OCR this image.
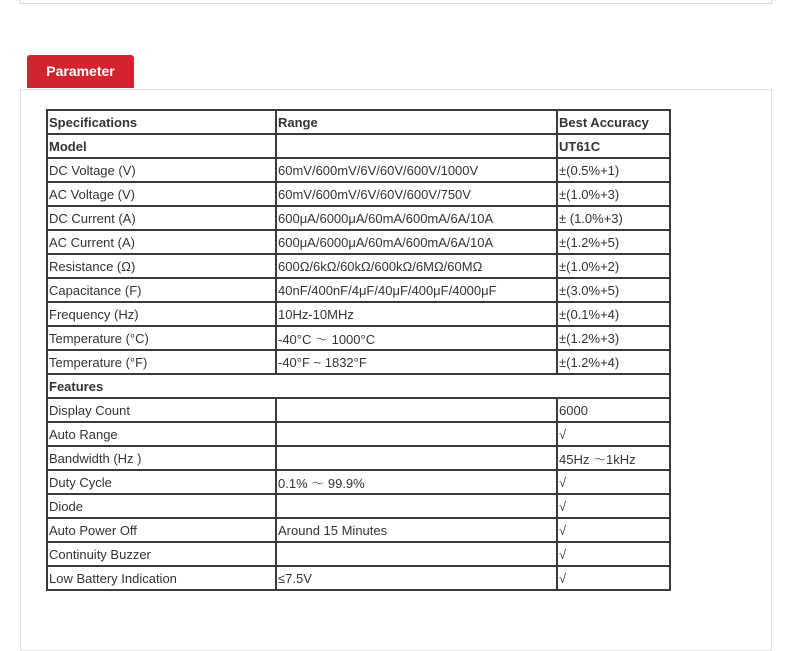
Parameter
Specifications	Range	Best Accuracy
Model		UT61C
DC Voltage (V)	60mV/600mV/6V/60V/600V/1000V	±(0.5%+1)
AC Voltage (V)	60mV/600mV/6V/60V/600V/750V	±(1.0%+3)
DC Current (A)	600μA/6000μA/60mA/600mA/6A/10A	± (1.0%+3)
AC Current (A)	600μA/6000μA/60mA/600mA/6A/10A	±(1.2%+5)
Resistance (Ω)	600Ω/6kΩ/60kΩ/600kΩ/6MΩ/60MΩ	±(1.0%+2)
Capacitance (F)	40nF/400nF/4μF/40μF/400μF/4000μF	±(3.0%+5)
Frequency (Hz)	10Hz-10MHz	±(0.1%+4)
Temperature (°C)	-40°C ～ 1000°C	±(1.2%+3)
Temperature (°F)	-40°F ~ 1832°F	±(1.2%+4)
Features		
Display Count		6000
Auto Range		√
Bandwidth (Hz )		45Hz ～1kHz
Duty Cycle	0.1% ～ 99.9%	√
Diode		√
Auto Power Off	Around 15 Minutes	√
Continuity Buzzer		√
Low Battery Indication	≤7.5V	√
